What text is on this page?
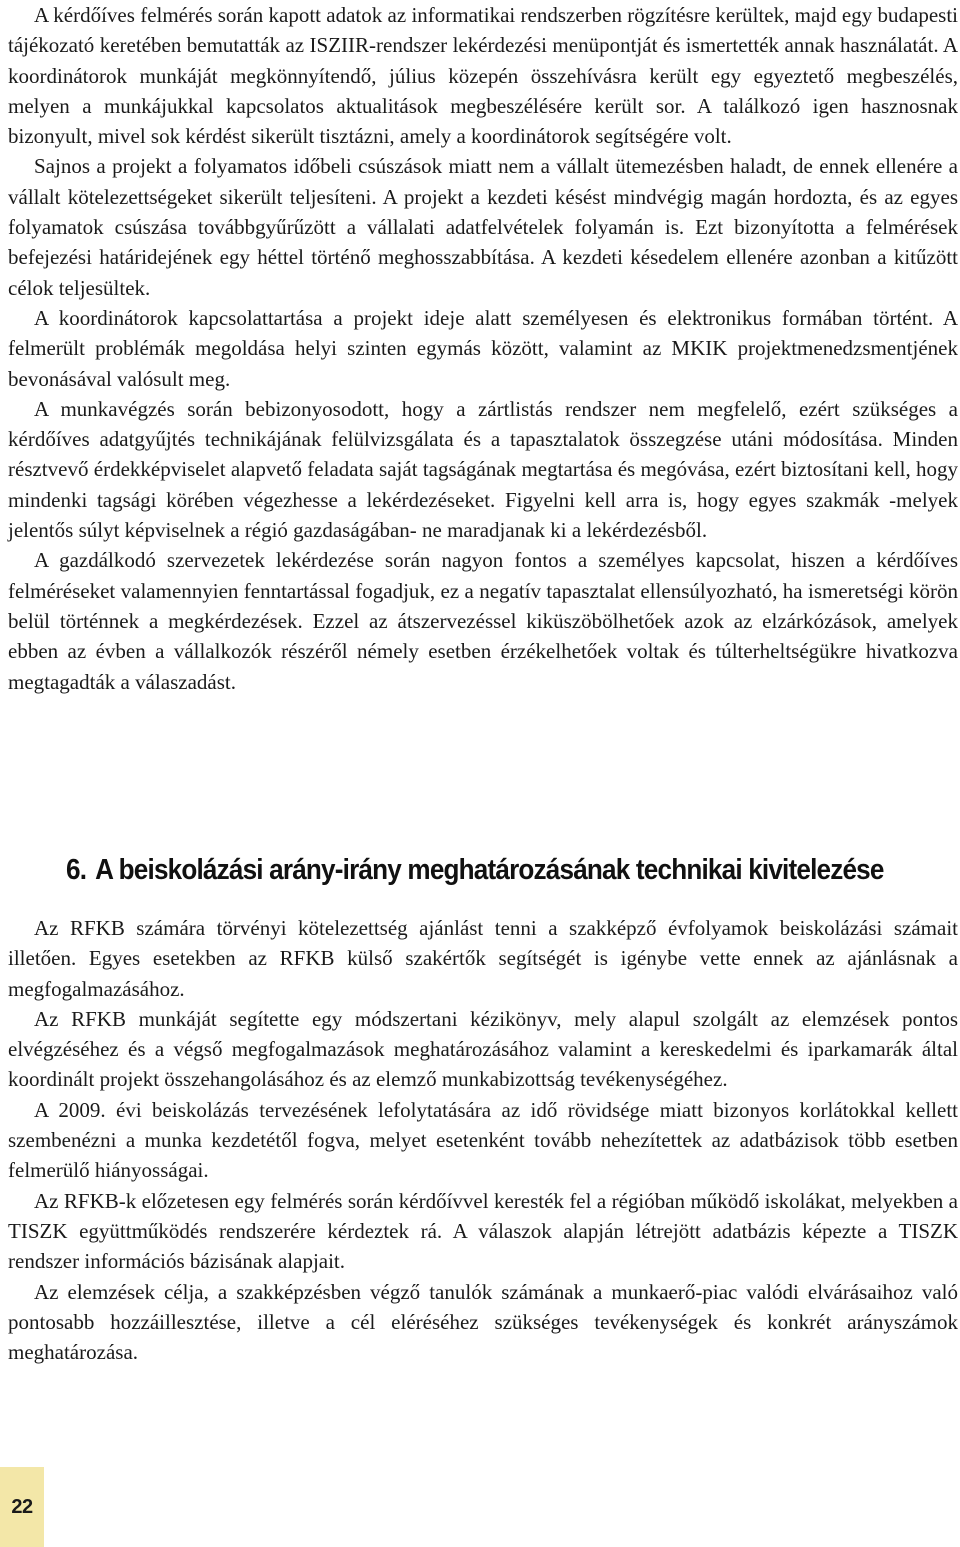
A kérdőíves felmérés során kapott adatok az informatikai rendszerben rögzítésre kerültek, majd egy budapesti tájékozató keretében bemutatták az ISZIIR-rendszer lekérdezési menüpontját és ismertették annak használatát. A koordinátorok munkáját megkönnyítendő, július közepén összehívásra került egy egyeztető megbeszélés, melyen a munkájukkal kapcsolatos aktualitások megbeszélésére került sor. A találkozó igen hasznosnak bizonyult, mivel sok kérdést sikerült tisztázni, amely a koordinátorok segítségére volt.

Sajnos a projekt a folyamatos időbeli csúszások miatt nem a vállalt ütemezésben haladt, de ennek ellenére a vállalt kötelezettségeket sikerült teljesíteni. A projekt a kezdeti késést mindvégig magán hordozta, és az egyes folyamatok csúszása továbbgyűrűzött a vállalati adatfelvételek folyamán is. Ezt bizonyította a felmérések befejezési határidejének egy héttel történő meghosszabbítása. A kezdeti késedelem ellenére azonban a kitűzött célok teljesültek.

A koordinátorok kapcsolattartása a projekt ideje alatt személyesen és elektronikus formában történt. A felmerült problémák megoldása helyi szinten egymás között, valamint az MKIK projektmenedzsmentjének bevonásával valósult meg.

A munkavégzés során bebizonyosodott, hogy a zártlistás rendszer nem megfelelő, ezért szükséges a kérdőíves adatgyűjtés technikájának felülvizsgálata és a tapasztalatok összegzése utáni módosítása. Minden résztvevő érdekképviselet alapvető feladata saját tagságának megtartása és megóvása, ezért biztosítani kell, hogy mindenki tagsági körében végezhesse a lekérdezéseket. Figyelni kell arra is, hogy egyes szakmák -melyek jelentős súlyt képviselnek a régió gazdaságában- ne maradjanak ki a lekérdezésből.

A gazdálkodó szervezetek lekérdezése során nagyon fontos a személyes kapcsolat, hiszen a kérdőíves felméréseket valamennyien fenntartással fogadjuk, ez a negatív tapasztalat ellensúlyozható, ha ismeretségi körön belül történnek a megkérdezések. Ezzel az átszervezéssel kiküszöbölhetőek azok az elzárkózások, amelyek ebben az évben a vállalkozók részéről némely esetben érzékelhetőek voltak és túlterheltségükre hivatkozva megtagadták a válaszadást.

6. A beiskolázási arány-irány meghatározásának technikai kivitelezése

Az RFKB számára törvényi kötelezettség ajánlást tenni a szakképző évfolyamok beiskolázási számait illetően. Egyes esetekben az RFKB külső szakértők segítségét is igénybe vette ennek az ajánlásnak a megfogalmazásához.

Az RFKB munkáját segítette egy módszertani kézikönyv, mely alapul szolgált az elemzések pontos elvégzéséhez és a végső megfogalmazások meghatározásához valamint a kereskedelmi és iparkamarák által koordinált projekt összehangolásához és az elemző munkabizottság tevékenységéhez.

A 2009. évi beiskolázás tervezésének lefolytatására az idő rövidsége miatt bizonyos korlátokkal kellett szembenézni a munka kezdetétől fogva, melyet esetenként tovább nehezítettek az adatbázisok több esetben felmerülő hiányosságai.

Az RFKB-k előzetesen egy felmérés során kérdőívvel keresték fel a régióban működő iskolákat, melyekben a TISZK együttműködés rendszerére kérdeztek rá. A válaszok alapján létrejött adatbázis képezte a TISZK rendszer információs bázisának alapjait.

Az elemzések célja, a szakképzésben végző tanulók számának a munkaerő-piac valódi elvárásaihoz való pontosabb hozzáillesztése, illetve a cél eléréséhez szükséges tevékenységek és konkrét arányszámok meghatározása.

22
